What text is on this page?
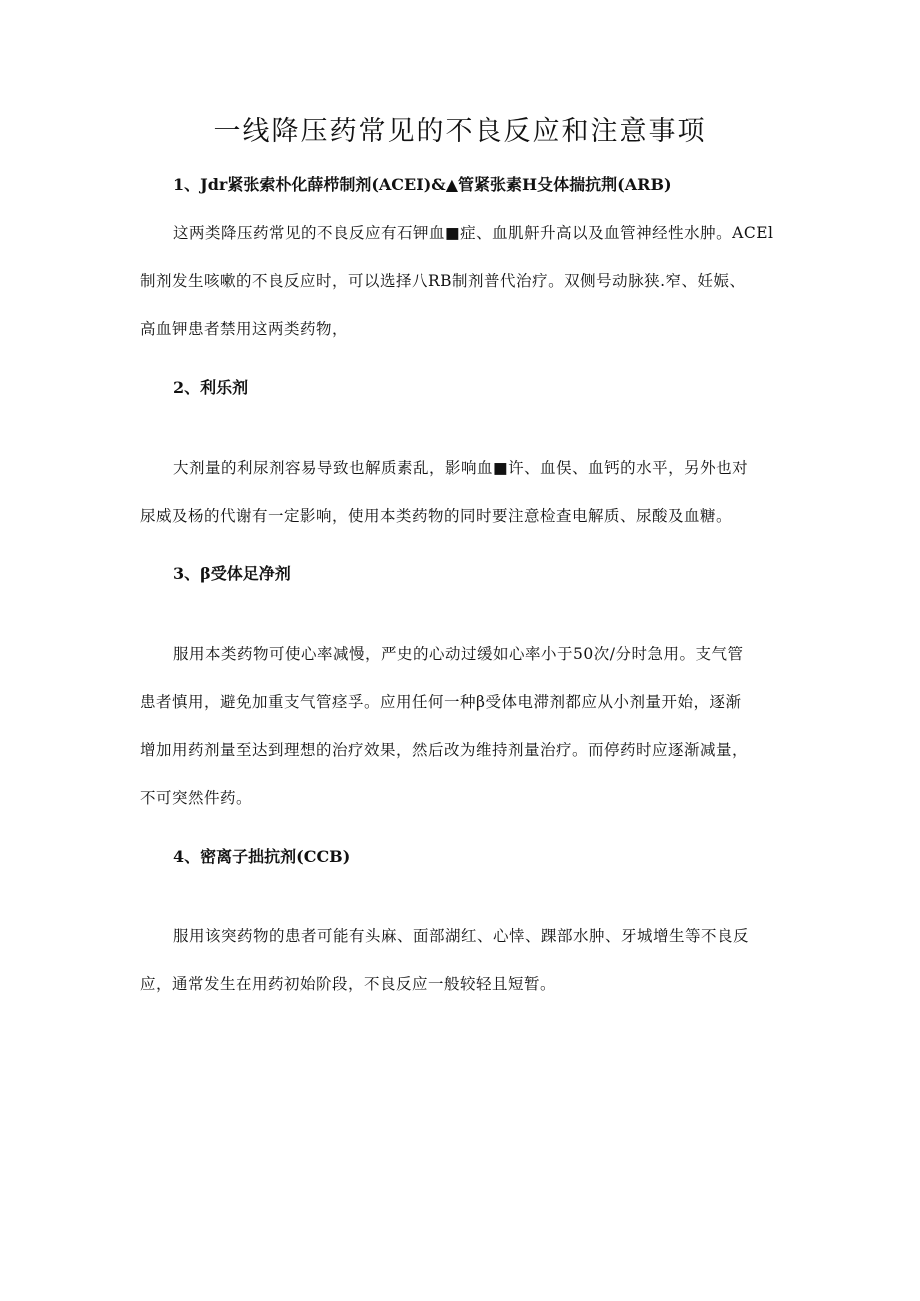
一线降压药常见的不良反应和注意事项
1、Jdr紧张索朴化薛栉制剂(ACEI)&▲管紧张素H殳体揣抗荆(ARB)
这两类降压药常见的不良反应有石钾血■症、血肌鼾升高以及血管神经性水肿。ACEl
制剂发生咳嗽的不良反应时，可以选择八RB制剂普代治疗。双侧号动脉狭.窄、妊娠、
高血钾患者禁用这两类药物，
2、利乐剂
大剂量的利尿剂容易导致也解质素乱，影响血■许、血俣、血钙的水平，另外也对
尿威及杨的代谢有一定影响，使用本类药物的同时要注意检查电解质、尿酸及血糖。
3、β受体足净剂
服用本类药物可使心率减慢，严史的心动过缓如心率小于50次/分时急用。支气管
患者慎用，避免加重支气管痉孚。应用任何一种β受体电滞剂都应从小剂量开始，逐渐
增加用药剂量至达到理想的治疗效果，然后改为维持剂量治疗。而停药时应逐渐减量，
不可突然件药。
4、密离子拙抗剂(CCB)
服用该突药物的患者可能有头麻、面部湖红、心悻、踝部水肿、牙城增生等不良反
应，通常发生在用药初始阶段，不良反应一般较轻且短暂。
